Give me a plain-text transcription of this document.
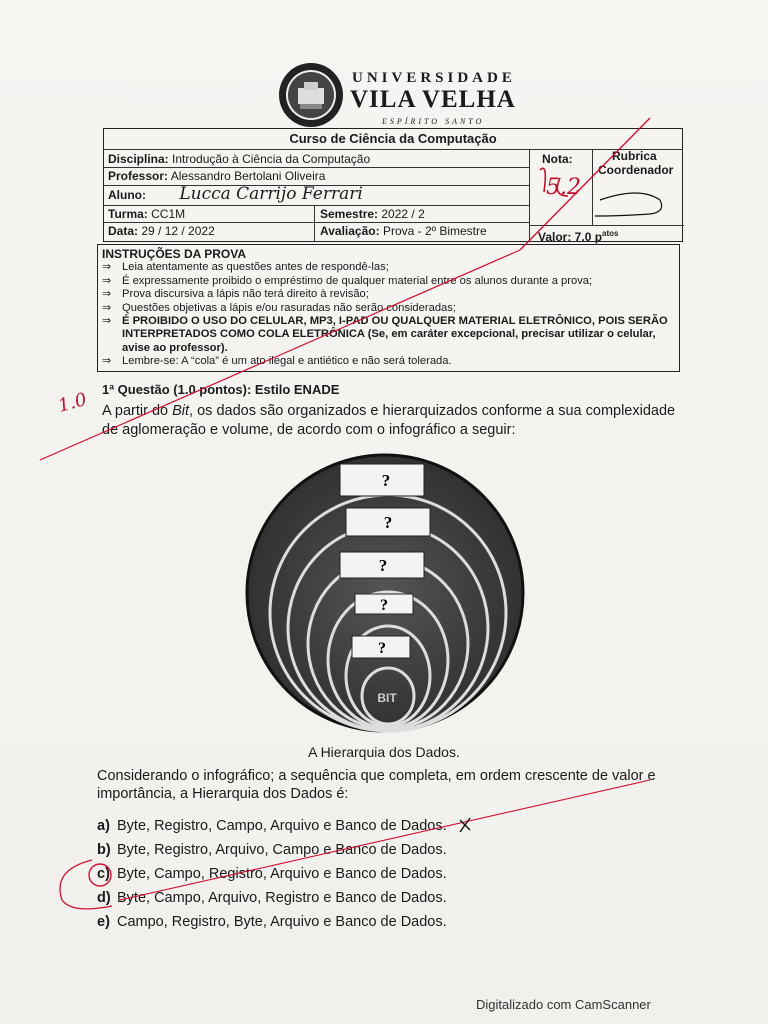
UNIVERSIDADE
VILA VELHA
ESPÍRITO SANTO
Curso de Ciência da Computação
Disciplina: Introdução à Ciência da Computação
Professor: Alessandro Bertolani Oliveira
Aluno: Lucca Carrijo Ferrari
Turma: CC1M	Semestre: 2022 / 2
Data: 29 / 12 / 2022	Avaliação: Prova - 2º Bimestre
Nota:
5.2
Rubrica
Coordenador
Valor: 7.0 $p^{atos}$
INSTRUÇÕES DA PROVA
⇒ Leia atentamente as questões antes de respondê-las;
⇒ É expressamente proibido o empréstimo de qualquer material entre os alunos durante a prova;
⇒ Prova discursiva a lápis não terá direito à revisão;
⇒ Questões objetivas a lápis e/ou rasuradas não serão consideradas;
⇒ É PROIBIDO O USO DO CELULAR, MP3, I-PAD OU QUALQUER MATERIAL ELETRÔNICO, POIS SERÃO INTERPRETADOS COMO COLA ELETRÔNICA (Se, em caráter excepcional, precisar utilizar o celular, avise ao professor).
⇒ Lembre-se: A “cola” é um ato ilegal e antiético e não será tolerada.
1ª Questão (1.0 pontos): Estilo ENADE
A partir do Bit, os dados são organizados e hierarquizados conforme a sua complexidade de aglomeração e volume, de acordo com o infográfico a seguir:
?
?
?
?
?
BIT
A Hierarquia dos Dados.
Considerando o infográfico; a sequência que completa, em ordem crescente de valor e importância, a Hierarquia dos Dados é:
a) Byte, Registro, Campo, Arquivo e Banco de Dados.
b) Byte, Registro, Arquivo, Campo e Banco de Dados.
c) Byte, Campo, Registro, Arquivo e Banco de Dados.
d) Byte, Campo, Arquivo, Registro e Banco de Dados.
e) Campo, Registro, Byte, Arquivo e Banco de Dados.
Digitalizado com CamScanner
1.0
